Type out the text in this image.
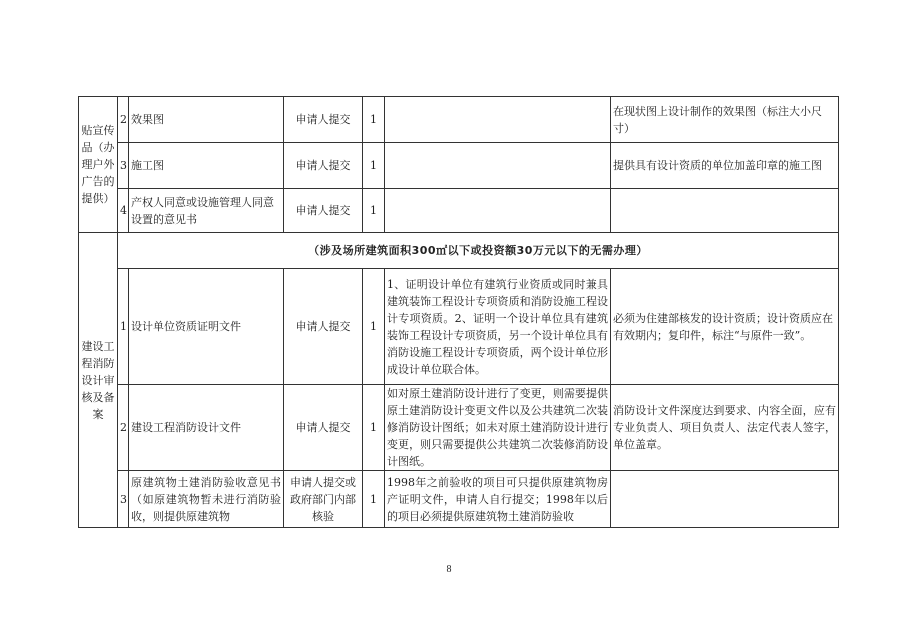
贴宣传品（办理户外广告的提供）	2	效果图	申请人提交	1		在现状图上设计制作的效果图（标注大小尺寸）
	3	施工图	申请人提交	1		提供具有设计资质的单位加盖印章的施工图
	4	产权人同意或设施管理人同意设置的意见书	申请人提交	1		
建设工程消防设计审核及备案	（涉及场所建筑面积300㎡以下或投资额30万元以下的无需办理）					
	1	设计单位资质证明文件	申请人提交	1	1、证明设计单位有建筑行业资质或同时兼具建筑装饰工程设计专项资质和消防设施工程设计专项资质。2、证明一个设计单位具有建筑装饰工程设计专项资质，另一个设计单位具有消防设施工程设计专项资质，两个设计单位形成设计单位联合体。	必须为住建部核发的设计资质；设计资质应在有效期内；复印件，标注“与原件一致”。
	2	建设工程消防设计文件	申请人提交	1	如对原土建消防设计进行了变更，则需要提供原土建消防设计变更文件以及公共建筑二次装修消防设计图纸；如未对原土建消防设计进行变更，则只需要提供公共建筑二次装修消防设计图纸。	消防设计文件深度达到要求、内容全面，应有专业负责人、项目负责人、法定代表人签字，单位盖章。
	3	原建筑物土建消防验收意见书（如原建筑物暂未进行消防验收，则提供原建筑物	申请人提交或政府部门内部核验	1	1998年之前验收的项目可只提供原建筑物房产证明文件，申请人自行提交；1998年以后的项目必须提供原建筑物土建消防验收	
8
